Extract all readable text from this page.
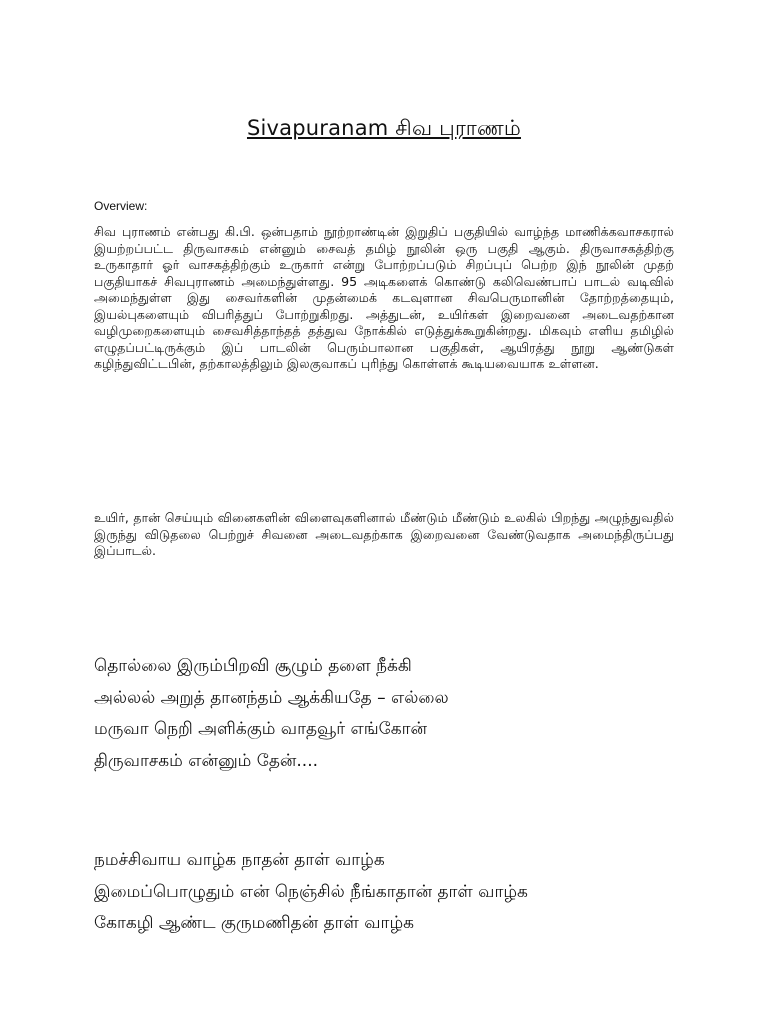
Sivapuranam சிவ புராணம்
Overview:

சிவ புராணம் என்பது கி.பி. ஒன்பதாம் நூற்றாண்டின் இறுதிப் பகுதியில் வாழ்ந்த மாணிக்கவாசகரால் இயற்றப்பட்ட திருவாசகம் என்னும் சைவத் தமிழ் நூலின் ஒரு பகுதி ஆகும். திருவாசகத்திற்கு உருகாதார் ஓர் வாசகத்திற்கும் உருகார் என்று போற்றப்படும் சிறப்புப் பெற்ற இந் நூலின் முதற் பகுதியாகச் சிவபுராணம் அமைந்துள்ளது. 95 அடிகளைக் கொண்டு கலிவெண்பாப் பாடல் வடிவில் அமைந்துள்ள இது சைவர்களின் முதன்மைக் கடவுளான சிவபெருமானின் தோற்றத்தையும், இயல்புகளையும் விபரித்துப் போற்றுகிறது. அத்துடன், உயிர்கள் இறைவனை அடைவதற்கான வழிமுறைகளையும் சைவசித்தாந்தத் தத்துவ நோக்கில் எடுத்துக்கூறுகின்றது. மிகவும் எளிய தமிழில் எழுதப்பட்டிருக்கும் இப் பாடலின் பெரும்பாலான பகுதிகள், ஆயிரத்து நூறு ஆண்டுகள் கழிந்துவிட்டபின், தற்காலத்திலும் இலகுவாகப் புரிந்து கொள்ளக் கூடியவையாக உள்ளன.

உயிர், தான் செய்யும் வினைகளின் விளைவுகளினால் மீண்டும் மீண்டும் உலகில் பிறந்து அழுந்துவதில் இருந்து விடுதலை பெற்றுச் சிவனை அடைவதற்காக இறைவனை வேண்டுவதாக அமைந்திருப்பது இப்பாடல்.

தொல்லை இரும்பிறவி சூழும் தளை நீக்கி
அல்லல் அறுத் தானந்தம் ஆக்கியதே – எல்லை
மருவா நெறி அளிக்கும் வாதவூர் எங்கோன்
திருவாசகம் என்னும் தேன்....
நமச்சிவாய வாழ்க நாதன் தாள் வாழ்க
இமைப்பொழுதும் என் நெஞ்சில் நீங்காதான் தாள் வாழ்க
கோகழி ஆண்ட குருமணிதன் தாள் வாழ்க
